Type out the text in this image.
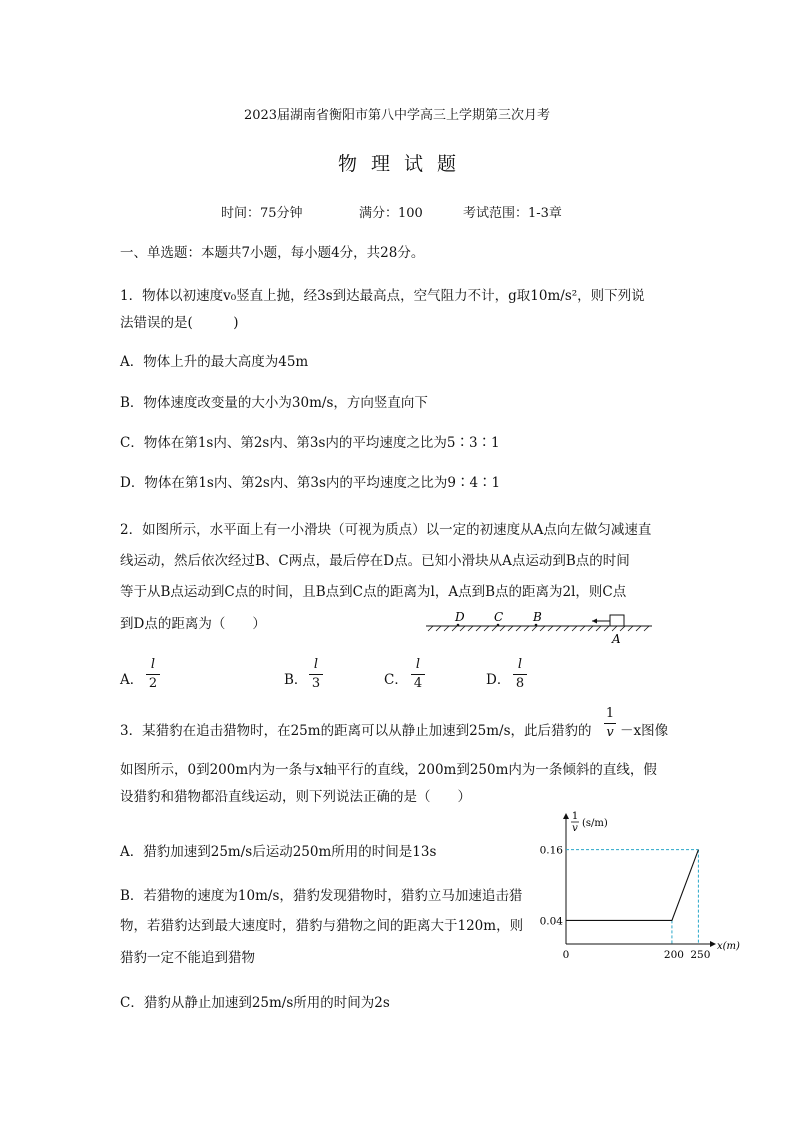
2023届湖南省衡阳市第八中学高三上学期第三次月考
物理试题
时间：75分钟	满分：100	考试范围：1-3章
一、单选题：本题共7小题，每小题4分，共28分。
1．物体以初速度v₀竖直上抛，经3s到达最高点，空气阻力不计，g取10m/s²，则下列说
法错误的是(　　　)
A．物体上升的最大高度为45m
B．物体速度改变量的大小为30m/s，方向竖直向下
C．物体在第1s内、第2s内、第3s内的平均速度之比为5∶3∶1
D．物体在第1s内、第2s内、第3s内的平均速度之比为9∶4∶1
2．如图所示，水平面上有一小滑块（可视为质点）以一定的初速度从A点向左做匀减速直
线运动，然后依次经过B、C两点，最后停在D点。已知小滑块从A点运动到B点的时间
等于从B点运动到C点的时间，且B点到C点的距离为l，A点到B点的距离为2l，则C点
到D点的距离为（　　）	D C B
A
A．
l
2	B．
l
3	C．
l
4	D．
l
8
3．某猎豹在追击猎物时，在25m的距离可以从静止加速到25m/s，此后猎豹的
1
v －x图像
如图所示，0到200m内为一条与x轴平行的直线，200m到250m内为一条倾斜的直线，假
设猎豹和猎物都沿直线运动，则下列说法正确的是（　　）
A．猎豹加速到25m/s后运动250m所用的时间是13s
B．若猎物的速度为10m/s，猎豹发现猎物时，猎豹立马加速追击猎
物，若猎豹达到最大速度时，猎豹与猎物之间的距离大于120m，则
猎豹一定不能追到猎物
C．猎豹从静止加速到25m/s所用的时间为2s
0.04
0.16
200 250
0
x(m)
1
v (s/m)
